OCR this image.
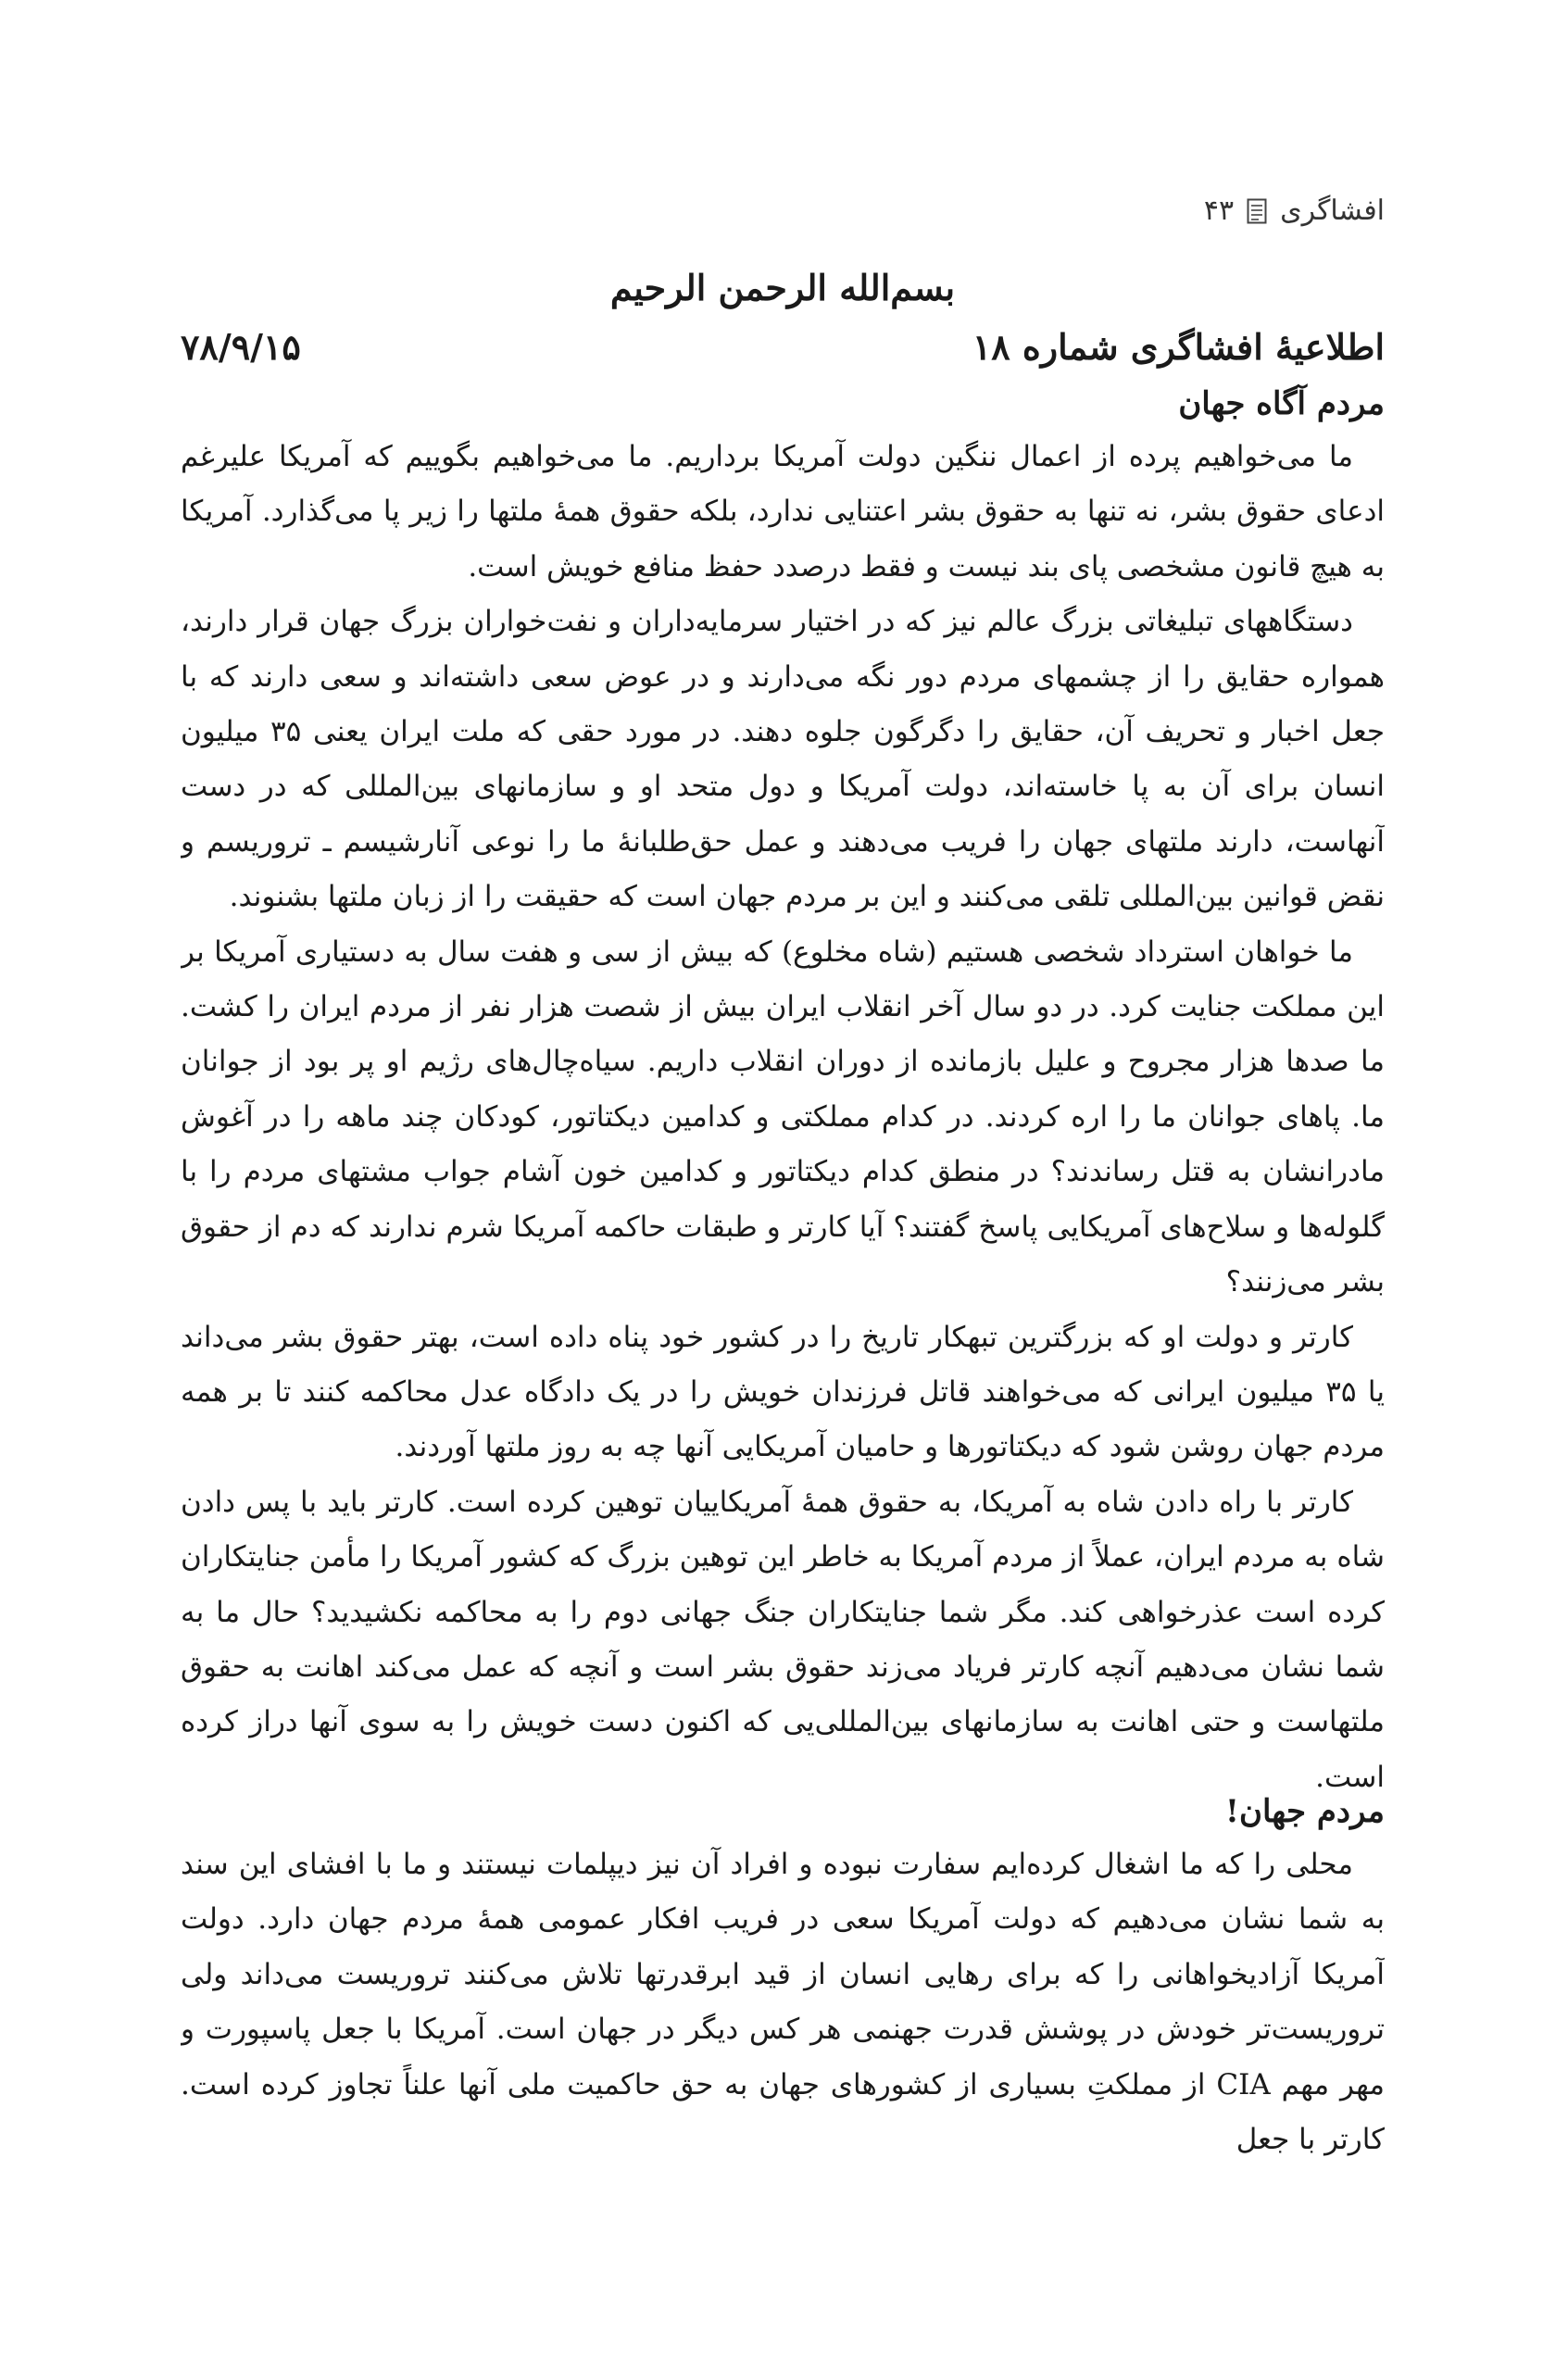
افشاگری
۴۳
بسم‌الله الرحمن الرحیم
اطلاعیهٔ افشاگری شماره ۱۸
۷۸/۹/۱۵
مردم آگاه جهان

ما می‌خواهیم پرده از اعمال ننگین دولت آمریکا برداریم. ما می‌خواهیم بگوییم که آمریکا علیرغم ادعای حقوق بشر، نه تنها به حقوق بشر اعتنایی ندارد، بلکه حقوق همهٔ ملتها را زیر پا می‌گذارد. آمریکا به هیچ قانون مشخصی پای بند نیست و فقط درصدد حفظ منافع خویش است.

دستگاههای تبلیغاتی بزرگ عالم نیز که در اختیار سرمایه‌داران و نفت‌خواران بزرگ جهان قرار دارند، همواره حقایق را از چشمهای مردم دور نگه می‌دارند و در عوض سعی داشته‌اند و سعی دارند که با جعل اخبار و تحریف آن، حقایق را دگرگون جلوه دهند. در مورد حقی که ملت ایران یعنی ۳۵ میلیون انسان برای آن به پا خاسته‌اند، دولت آمریکا و دول متحد او و سازمانهای بین‌المللی که در دست آنهاست، دارند ملتهای جهان را فریب می‌دهند و عمل حق‌طلبانهٔ ما را نوعی آنارشیسم ـ تروریسم و نقض قوانین بین‌المللی تلقی می‌کنند و این بر مردم جهان است که حقیقت را از زبان ملتها بشنوند.

ما خواهان استرداد شخصی هستیم (شاه مخلوع) که بیش از سی و هفت سال به دستیاری آمریکا بر این مملکت جنایت کرد. در دو سال آخر انقلاب ایران بیش از شصت هزار نفر از مردم ایران را کشت. ما صدها هزار مجروح و علیل بازمانده از دوران انقلاب داریم. سیاه‌چال‌های رژیم او پر بود از جوانان ما. پاهای جوانان ما را اره کردند. در کدام مملکتی و کدامین دیکتاتور، کودکان چند ماهه را در آغوش مادرانشان به قتل رساندند؟ در منطق کدام دیکتاتور و کدامین خون آشام جواب مشتهای مردم را با گلوله‌ها و سلاح‌های آمریکایی پاسخ گفتند؟ آیا کارتر و طبقات حاکمه آمریکا شرم ندارند که دم از حقوق بشر می‌زنند؟

کارتر و دولت او که بزرگترین تبهکار تاریخ را در کشور خود پناه داده است، بهتر حقوق بشر می‌داند یا ۳۵ میلیون ایرانی که می‌خواهند قاتل فرزندان خویش را در یک دادگاه عدل محاکمه کنند تا بر همه مردم جهان روشن شود که دیکتاتورها و حامیان آمریکایی آنها چه به روز ملتها آوردند.

کارتر با راه دادن شاه به آمریکا، به حقوق همهٔ آمریکاییان توهین کرده است. کارتر باید با پس دادن شاه به مردم ایران، عملاً از مردم آمریکا به خاطر این توهین بزرگ که کشور آمریکا را مأمن جنایتکاران کرده است عذرخواهی کند. مگر شما جنایتکاران جنگ جهانی دوم را به محاکمه نکشیدید؟ حال ما به شما نشان می‌دهیم آنچه کارتر فریاد می‌زند حقوق بشر است و آنچه که عمل می‌کند اهانت به حقوق ملتهاست و حتی اهانت به سازمانهای بین‌المللی‌یی که اکنون دست خویش را به سوی آنها دراز کرده است.

مردم جهان!

محلی را که ما اشغال کرده‌ایم سفارت نبوده و افراد آن نیز دیپلمات نیستند و ما با افشای این سند به شما نشان می‌دهیم که دولت آمریکا سعی در فریب افکار عمومی همهٔ مردم جهان دارد. دولت آمریکا آزادیخواهانی را که برای رهایی انسان از قید ابرقدرتها تلاش می‌کنند تروریست می‌داند ولی تروریست‌تر خودش در پوشش قدرت جهنمی هر کس دیگر در جهان است. آمریکا با جعل پاسپورت و مهر مهم CIA از مملکتِ بسیاری از کشورهای جهان به حق حاکمیت ملی آنها علناً تجاوز کرده است. کارتر با جعل
